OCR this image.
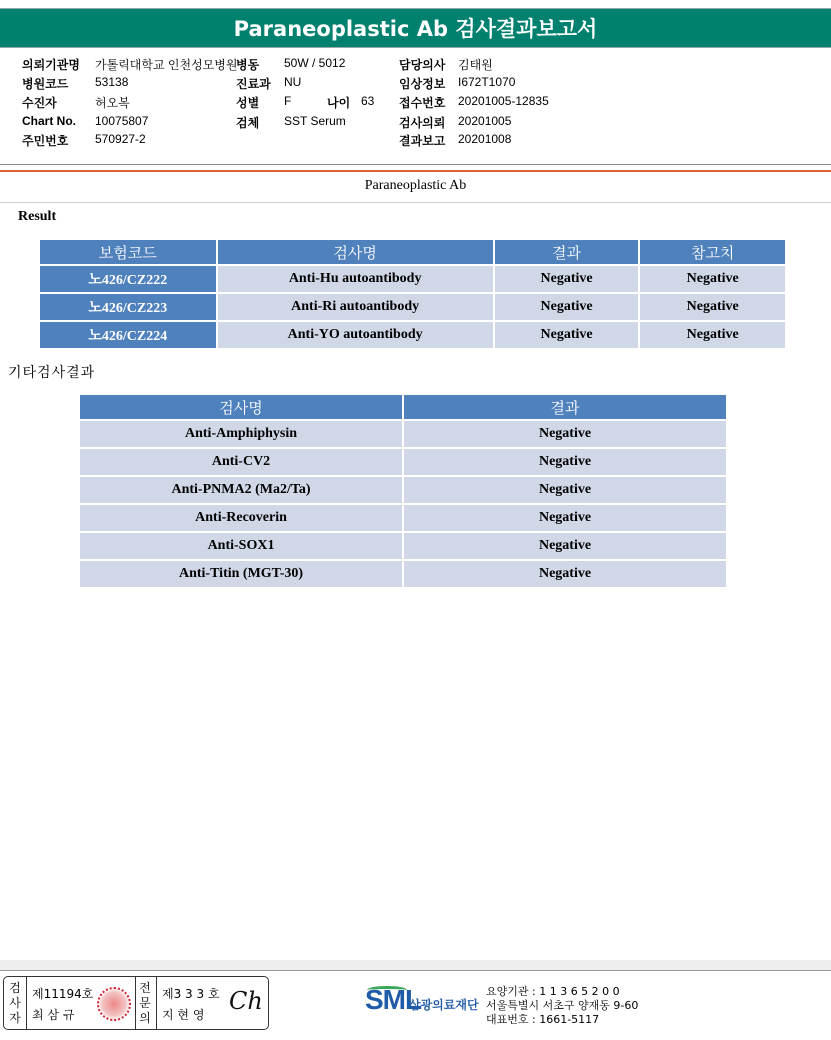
Paraneoplastic Ab 검사결과보고서
의뢰기관명 가톨릭대학교 인천성모병원
병동 50W / 5012	담당의사 김태원
병원코드 53138	진료과 NU	임상정보 I672T1070
수진자	허오복	성별 F	나이 63 접수번호 20201005-12835
Chart No. 10075807	검체 SST Serum	검사의뢰 20201005
주민번호 570927-2	결과보고 20201008
Paraneoplastic Ab
Result
보험코드	검사명	결과	참고치
노426/CZ222	Anti-Hu autoantibody	Negative	Negative
노426/CZ223	Anti-Ri autoantibody	Negative	Negative
노426/CZ224	Anti-YO autoantibody	Negative	Negative
기타검사결과
검사명	결과
Anti-Amphiphysin	Negative
Anti-CV2	Negative
Anti-PNMA2 (Ma2/Ta)	Negative
Anti-Recoverin	Negative
Anti-SOX1	Negative
Anti-Titin (MGT-30)	Negative
검
사
자
제11194호
최 삼 규
전
문
의
제3 3 3 호
지 현 영 Ch	SML
삼광의료재단
요양기관 : 1 1 3 6 5 2 0 0
서울특별시 서초구 양재동 9-60
대표번호 : 1661-5117
